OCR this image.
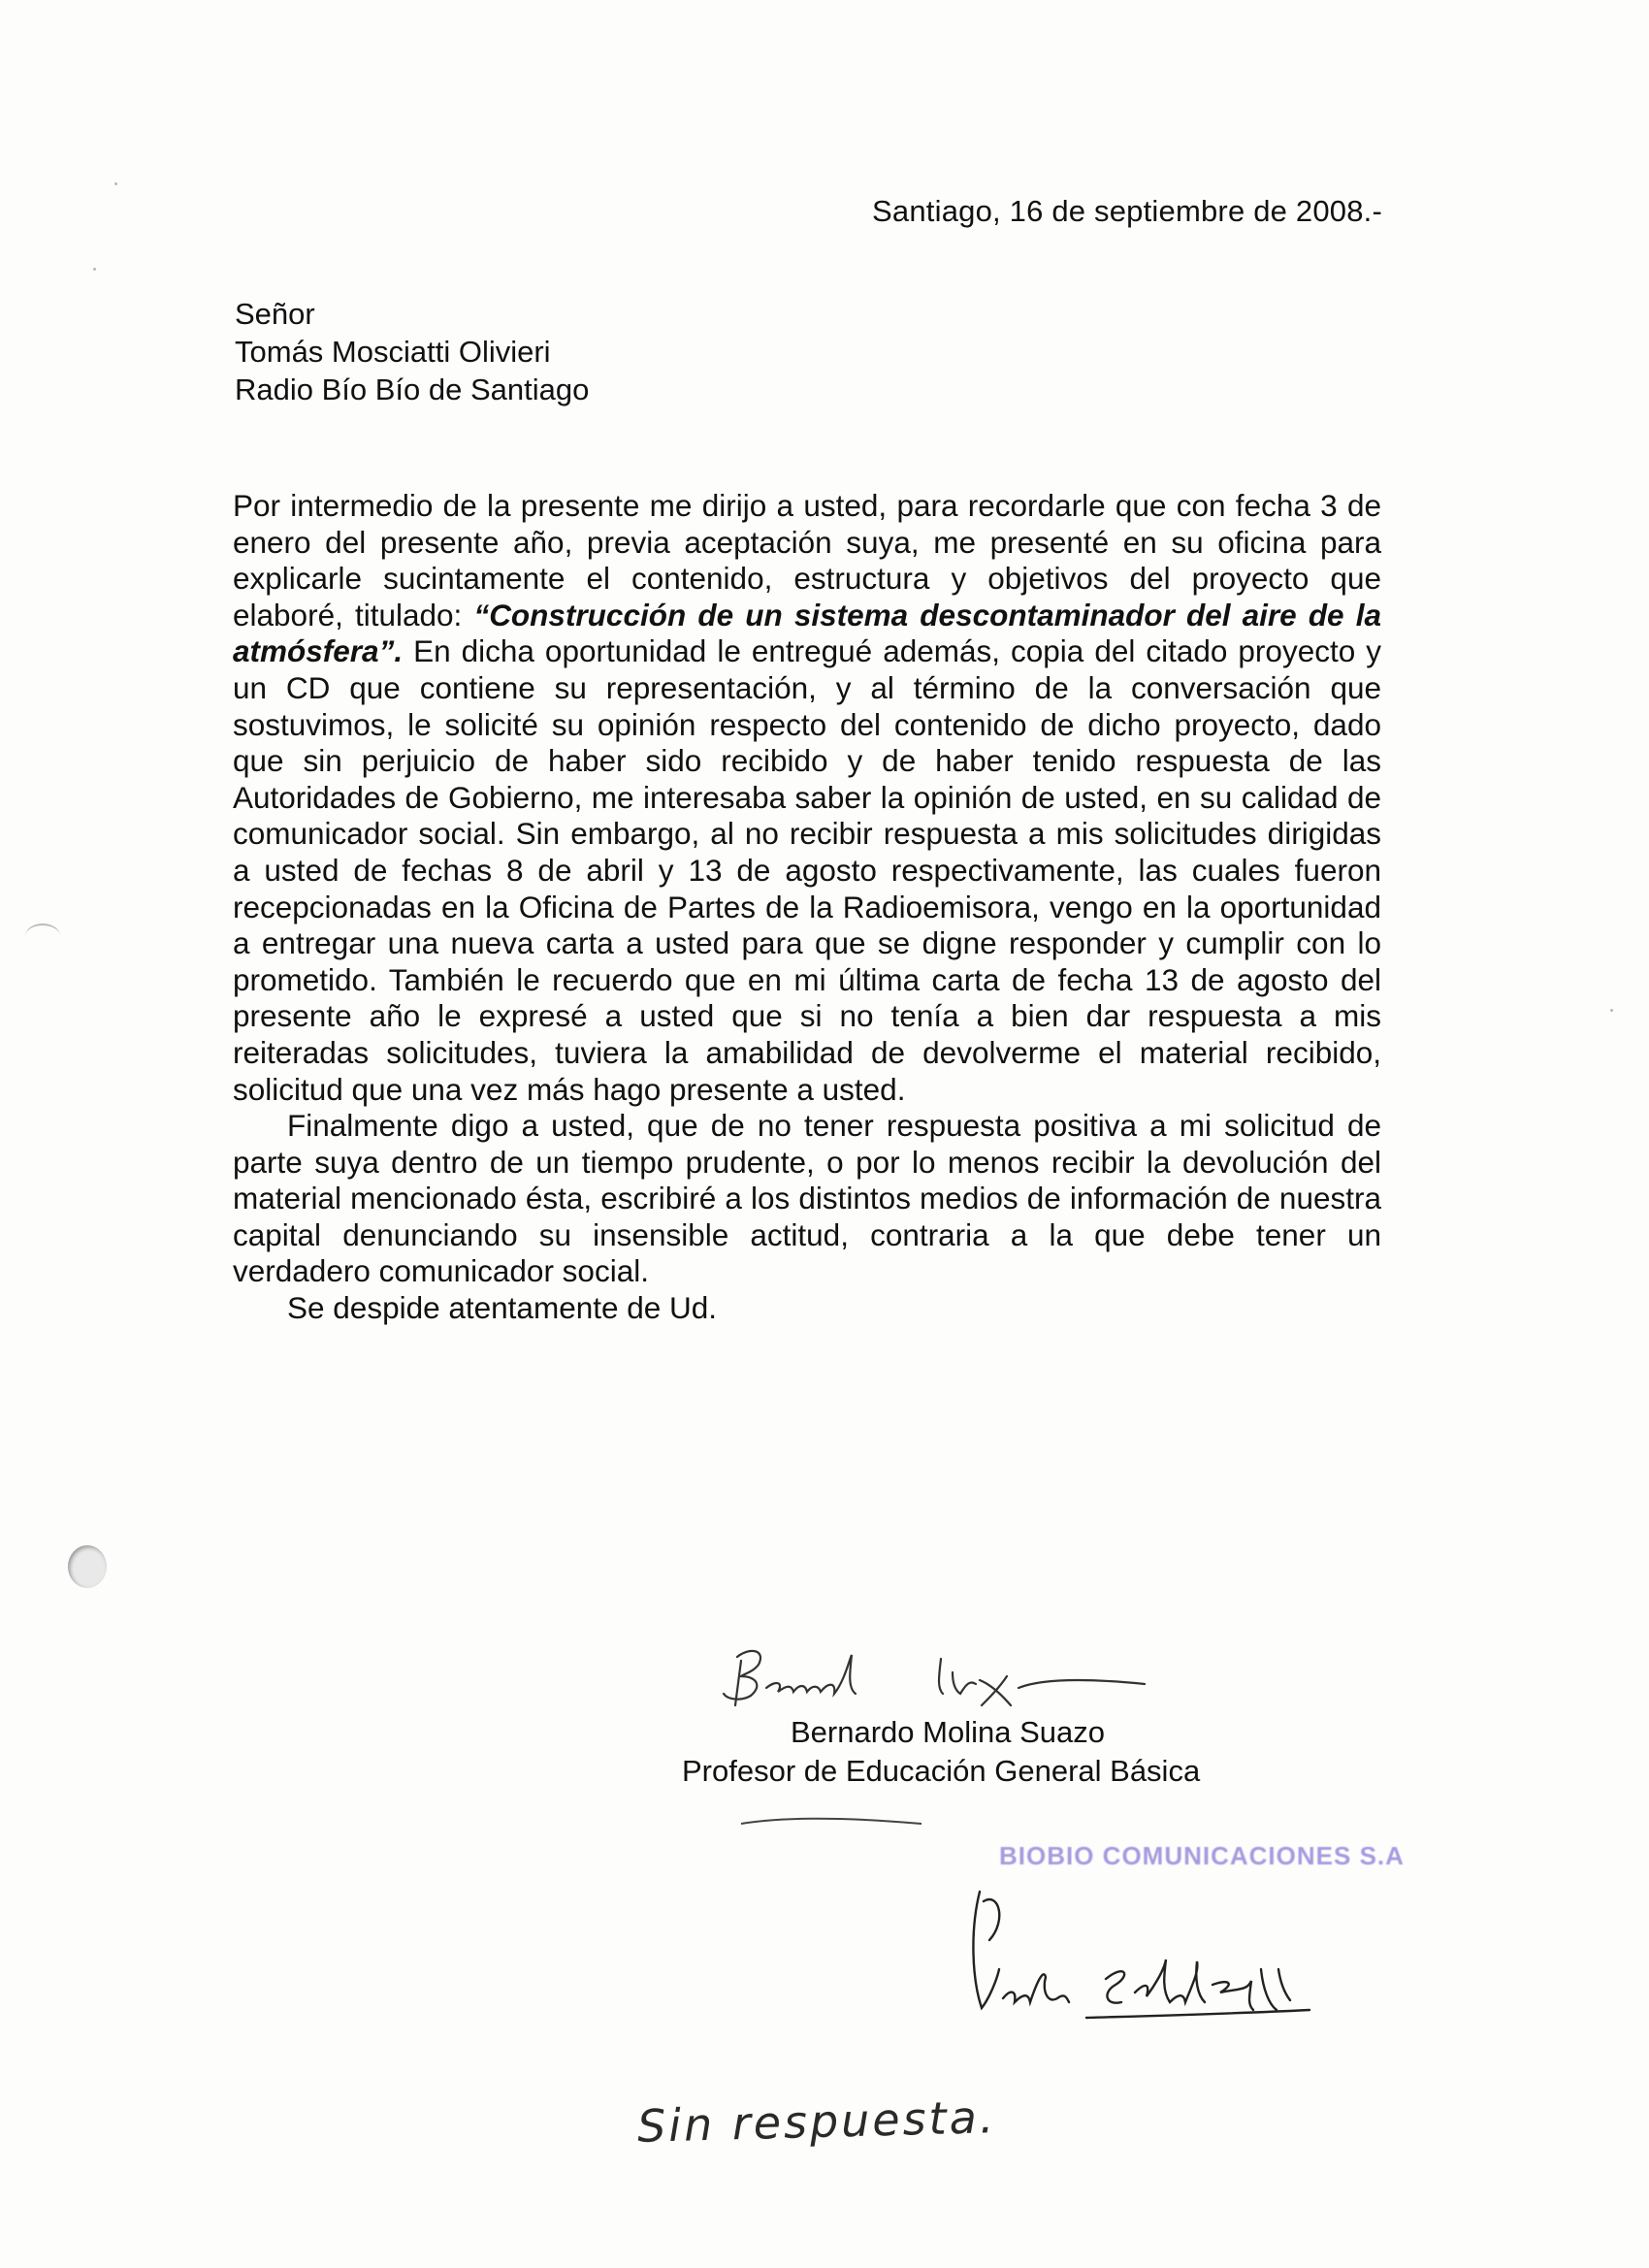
Santiago, 16 de septiembre de 2008.-
Señor
Tomás Mosciatti Olivieri
Radio Bío Bío de Santiago

Por intermedio de la presente me dirijo a usted, para recordarle que con fecha 3 de enero del presente año, previa aceptación suya, me presenté en su oficina para explicarle sucintamente el contenido, estructura y objetivos del proyecto que elaboré, titulado: “Construcción de un sistema descontaminador del aire de la atmósfera”. En dicha oportunidad le entregué además, copia del citado proyecto y un CD que contiene su representación, y al término de la conversación que sostuvimos, le solicité su opinión respecto del contenido de dicho proyecto, dado que sin perjuicio de haber sido recibido y de haber tenido respuesta de las Autoridades de Gobierno, me interesaba saber la opinión de usted, en su calidad de comunicador social. Sin embargo, al no recibir respuesta a mis solicitudes dirigidas a usted de fechas 8 de abril y 13 de agosto respectivamente, las cuales fueron recepcionadas en la Oficina de Partes de la Radioemisora, vengo en la oportunidad a entregar una nueva carta a usted para que se digne responder y cumplir con lo prometido. También le recuerdo que en mi última carta de fecha 13 de agosto del presente año le expresé a usted que si no tenía a bien dar respuesta a mis reiteradas solicitudes, tuviera la amabilidad de devolverme el material recibido, solicitud que una vez más hago presente a usted.

Finalmente digo a usted, que de no tener respuesta positiva a mi solicitud de parte suya dentro de un tiempo prudente, o por lo menos recibir la devolución del material mencionado ésta, escribiré a los distintos medios de información de nuestra capital denunciando su insensible actitud, contraria a la que debe tener un verdadero comunicador social.

Se despide atentamente de Ud.

Bernardo Molina Suazo
Profesor de Educación General Básica
BIOBIO COMUNICACIONES S.A
Sin respuesta.
